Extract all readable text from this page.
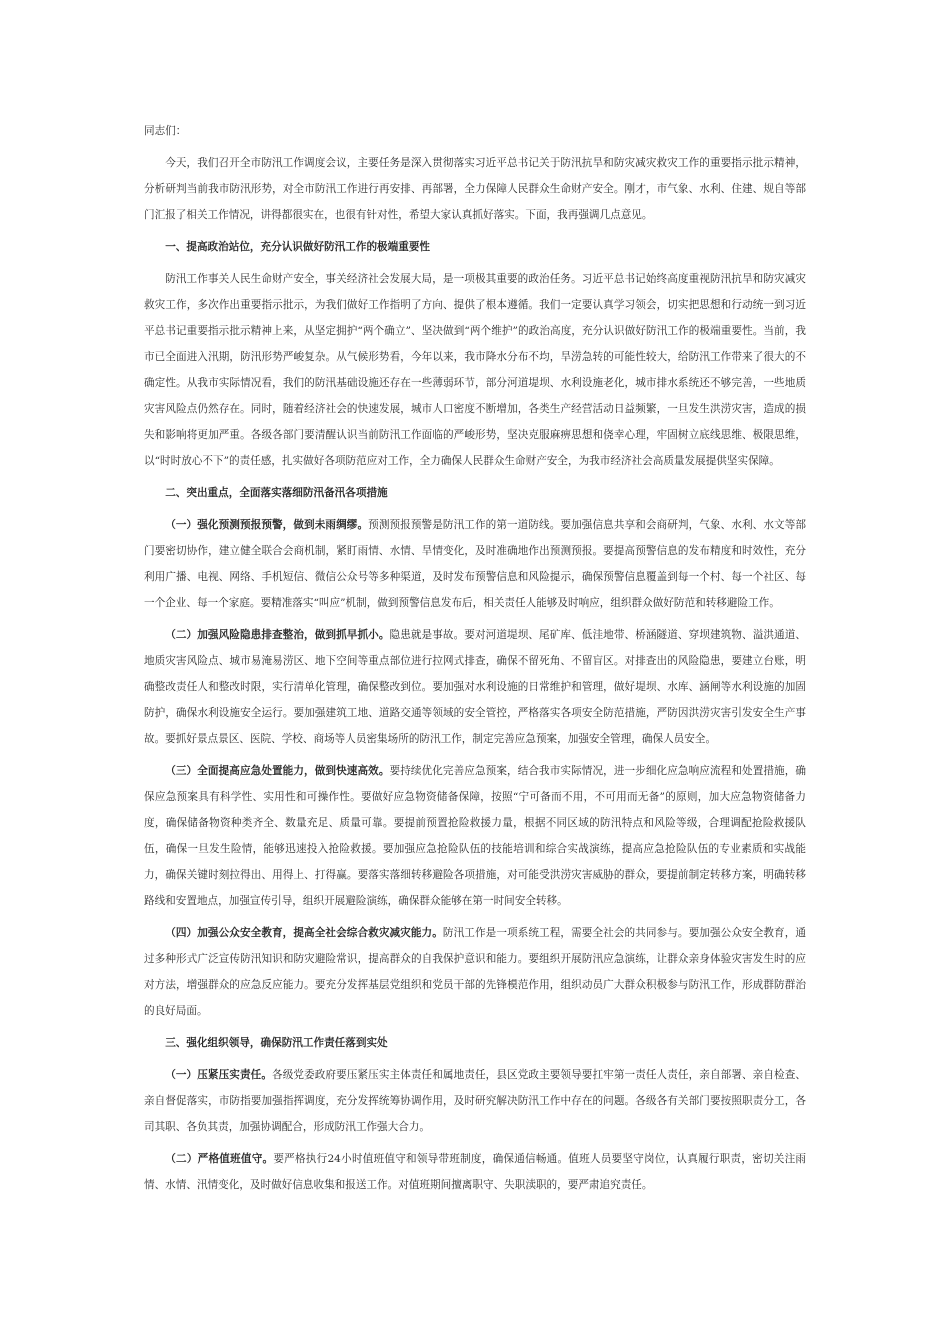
同志们：

今天，我们召开全市防汛工作调度会议，主要任务是深入贯彻落实习近平总书记关于防汛抗旱和防灾减灾救灾工作的重要指示批示精神，分析研判当前我市防汛形势，对全市防汛工作进行再安排、再部署，全力保障人民群众生命财产安全。刚才，市气象、水利、住建、规自等部门汇报了相关工作情况，讲得都很实在，也很有针对性，希望大家认真抓好落实。下面，我再强调几点意见。

一、提高政治站位，充分认识做好防汛工作的极端重要性

防汛工作事关人民生命财产安全，事关经济社会发展大局，是一项极其重要的政治任务。习近平总书记始终高度重视防汛抗旱和防灾减灾救灾工作，多次作出重要指示批示，为我们做好工作指明了方向、提供了根本遵循。我们一定要认真学习领会，切实把思想和行动统一到习近平总书记重要指示批示精神上来，从坚定拥护“两个确立”、坚决做到“两个维护”的政治高度，充分认识做好防汛工作的极端重要性。当前，我市已全面进入汛期，防汛形势严峻复杂。从气候形势看，今年以来，我市降水分布不均，旱涝急转的可能性较大，给防汛工作带来了很大的不确定性。从我市实际情况看，我们的防汛基础设施还存在一些薄弱环节，部分河道堤坝、水利设施老化，城市排水系统还不够完善，一些地质灾害风险点仍然存在。同时，随着经济社会的快速发展，城市人口密度不断增加，各类生产经营活动日益频繁，一旦发生洪涝灾害，造成的损失和影响将更加严重。各级各部门要清醒认识当前防汛工作面临的严峻形势，坚决克服麻痹思想和侥幸心理，牢固树立底线思维、极限思维，以“时时放心不下”的责任感，扎实做好各项防范应对工作，全力确保人民群众生命财产安全，为我市经济社会高质量发展提供坚实保障。

二、突出重点，全面落实落细防汛备汛各项措施

（一）强化预测预报预警，做到未雨绸缪。预测预报预警是防汛工作的第一道防线。要加强信息共享和会商研判，气象、水利、水文等部门要密切协作，建立健全联合会商机制，紧盯雨情、水情、旱情变化，及时准确地作出预测预报。要提高预警信息的发布精度和时效性，充分利用广播、电视、网络、手机短信、微信公众号等多种渠道，及时发布预警信息和风险提示，确保预警信息覆盖到每一个村、每一个社区、每一个企业、每一个家庭。要精准落实“叫应”机制，做到预警信息发布后，相关责任人能够及时响应，组织群众做好防范和转移避险工作。

（二）加强风险隐患排查整治，做到抓早抓小。隐患就是事故。要对河道堤坝、尾矿库、低洼地带、桥涵隧道、穿坝建筑物、溢洪通道、地质灾害风险点、城市易淹易涝区、地下空间等重点部位进行拉网式排查，确保不留死角、不留盲区。对排查出的风险隐患，要建立台账，明确整改责任人和整改时限，实行清单化管理，确保整改到位。要加强对水利设施的日常维护和管理，做好堤坝、水库、涵闸等水利设施的加固防护，确保水利设施安全运行。要加强建筑工地、道路交通等领域的安全管控，严格落实各项安全防范措施，严防因洪涝灾害引发安全生产事故。要抓好景点景区、医院、学校、商场等人员密集场所的防汛工作，制定完善应急预案，加强安全管理，确保人员安全。

（三）全面提高应急处置能力，做到快速高效。要持续优化完善应急预案，结合我市实际情况，进一步细化应急响应流程和处置措施，确保应急预案具有科学性、实用性和可操作性。要做好应急物资储备保障，按照“宁可备而不用，不可用而无备”的原则，加大应急物资储备力度，确保储备物资种类齐全、数量充足、质量可靠。要提前预置抢险救援力量，根据不同区域的防汛特点和风险等级，合理调配抢险救援队伍，确保一旦发生险情，能够迅速投入抢险救援。要加强应急抢险队伍的技能培训和综合实战演练，提高应急抢险队伍的专业素质和实战能力，确保关键时刻拉得出、用得上、打得赢。要落实落细转移避险各项措施，对可能受洪涝灾害威胁的群众，要提前制定转移方案，明确转移路线和安置地点，加强宣传引导，组织开展避险演练，确保群众能够在第一时间安全转移。

（四）加强公众安全教育，提高全社会综合救灾减灾能力。防汛工作是一项系统工程，需要全社会的共同参与。要加强公众安全教育，通过多种形式广泛宣传防汛知识和防灾避险常识，提高群众的自我保护意识和能力。要组织开展防汛应急演练，让群众亲身体验灾害发生时的应对方法，增强群众的应急反应能力。要充分发挥基层党组织和党员干部的先锋模范作用，组织动员广大群众积极参与防汛工作，形成群防群治的良好局面。

三、强化组织领导，确保防汛工作责任落到实处

（一）压紧压实责任。各级党委政府要压紧压实主体责任和属地责任，县区党政主要领导要扛牢第一责任人责任，亲自部署、亲自检查、亲自督促落实，市防指要加强指挥调度，充分发挥统筹协调作用，及时研究解决防汛工作中存在的问题。各级各有关部门要按照职责分工，各司其职、各负其责，加强协调配合，形成防汛工作强大合力。

（二）严格值班值守。要严格执行24小时值班值守和领导带班制度，确保通信畅通。值班人员要坚守岗位，认真履行职责，密切关注雨情、水情、汛情变化，及时做好信息收集和报送工作。对值班期间擅离职守、失职渎职的，要严肃追究责任。
